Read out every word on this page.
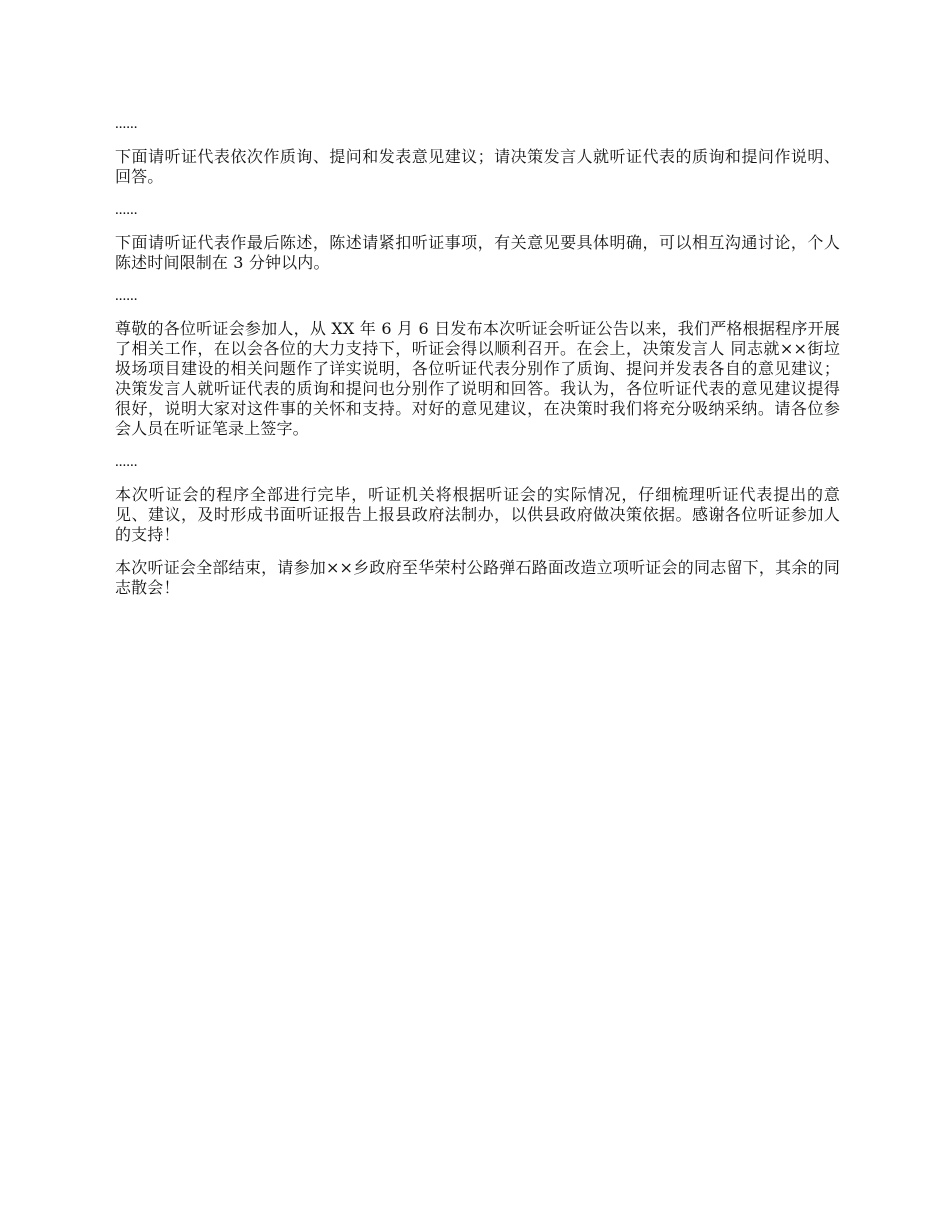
......

下面请听证代表依次作质询、提问和发表意见建议；请决策发言人就听证代表的质询和提问作说明、回答。

......

下面请听证代表作最后陈述，陈述请紧扣听证事项，有关意见要具体明确，可以相互沟通讨论，个人陈述时间限制在 3 分钟以内。

......

尊敬的各位听证会参加人，从 XX 年 6 月 6 日发布本次听证会听证公告以来，我们严格根据程序开展了相关工作，在以会各位的大力支持下，听证会得以顺利召开。在会上，决策发言人 同志就××街垃圾场项目建设的相关问题作了详实说明，各位听证代表分别作了质询、提问并发表各自的意见建议；决策发言人就听证代表的质询和提问也分别作了说明和回答。我认为，各位听证代表的意见建议提得很好，说明大家对这件事的关怀和支持。对好的意见建议，在决策时我们将充分吸纳采纳。请各位参会人员在听证笔录上签字。

......

本次听证会的程序全部进行完毕，听证机关将根据听证会的实际情况，仔细梳理听证代表提出的意见、建议，及时形成书面听证报告上报县政府法制办，以供县政府做决策依据。感谢各位听证参加人的支持！

本次听证会全部结束，请参加××乡政府至华荣村公路弹石路面改造立项听证会的同志留下，其余的同志散会！
